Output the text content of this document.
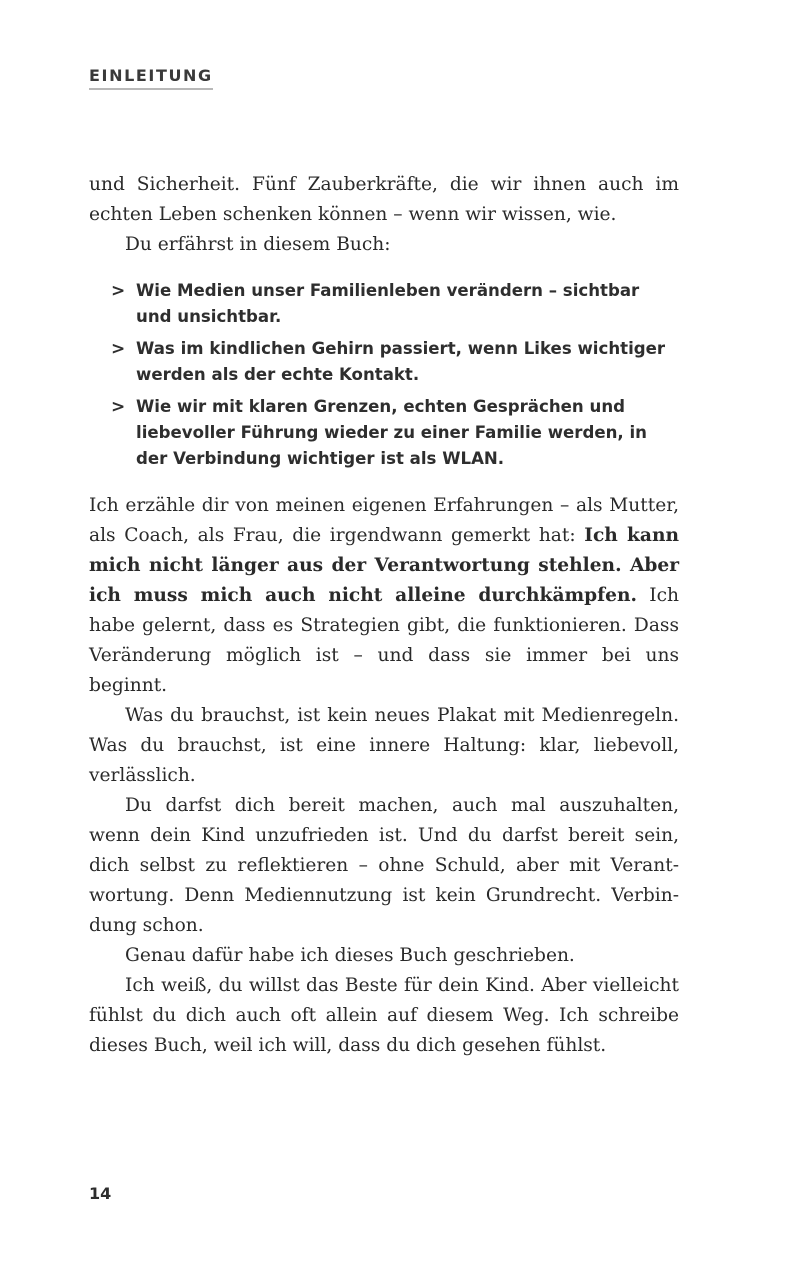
EINLEITUNG

und Sicherheit. Fünf Zauberkräfte, die wir ihnen auch im echten Leben schenken können – wenn wir wissen, wie.

Du erfährst in diesem Buch:

> Wie Medien unser Familienleben verändern – sichtbar und unsichtbar.
> Was im kindlichen Gehirn passiert, wenn Likes wichtiger werden als der echte Kontakt.
> Wie wir mit klaren Grenzen, echten Gesprächen und liebevoller Führung wieder zu einer Familie werden, in der Verbindung wichtiger ist als WLAN.

Ich erzähle dir von meinen eigenen Erfahrungen – als Mutter, als Coach, als Frau, die irgendwann gemerkt hat: Ich kann mich nicht länger aus der Verantwortung stehlen. Aber ich muss mich auch nicht alleine durchkämpfen. Ich habe gelernt, dass es Strategien gibt, die funktionieren. Dass Veränderung möglich ist – und dass sie immer bei uns beginnt.

Was du brauchst, ist kein neues Plakat mit Medienregeln. Was du brauchst, ist eine innere Haltung: klar, liebevoll, verlässlich.

Du darfst dich bereit machen, auch mal auszuhalten, wenn dein Kind unzufrieden ist. Und du darfst bereit sein, dich selbst zu reflektieren – ohne Schuld, aber mit Verantwortung. Denn Mediennutzung ist kein Grundrecht. Verbindung schon.

Genau dafür habe ich dieses Buch geschrieben.

Ich weiß, du willst das Beste für dein Kind. Aber vielleicht fühlst du dich auch oft allein auf diesem Weg. Ich schreibe dieses Buch, weil ich will, dass du dich gesehen fühlst.

14
